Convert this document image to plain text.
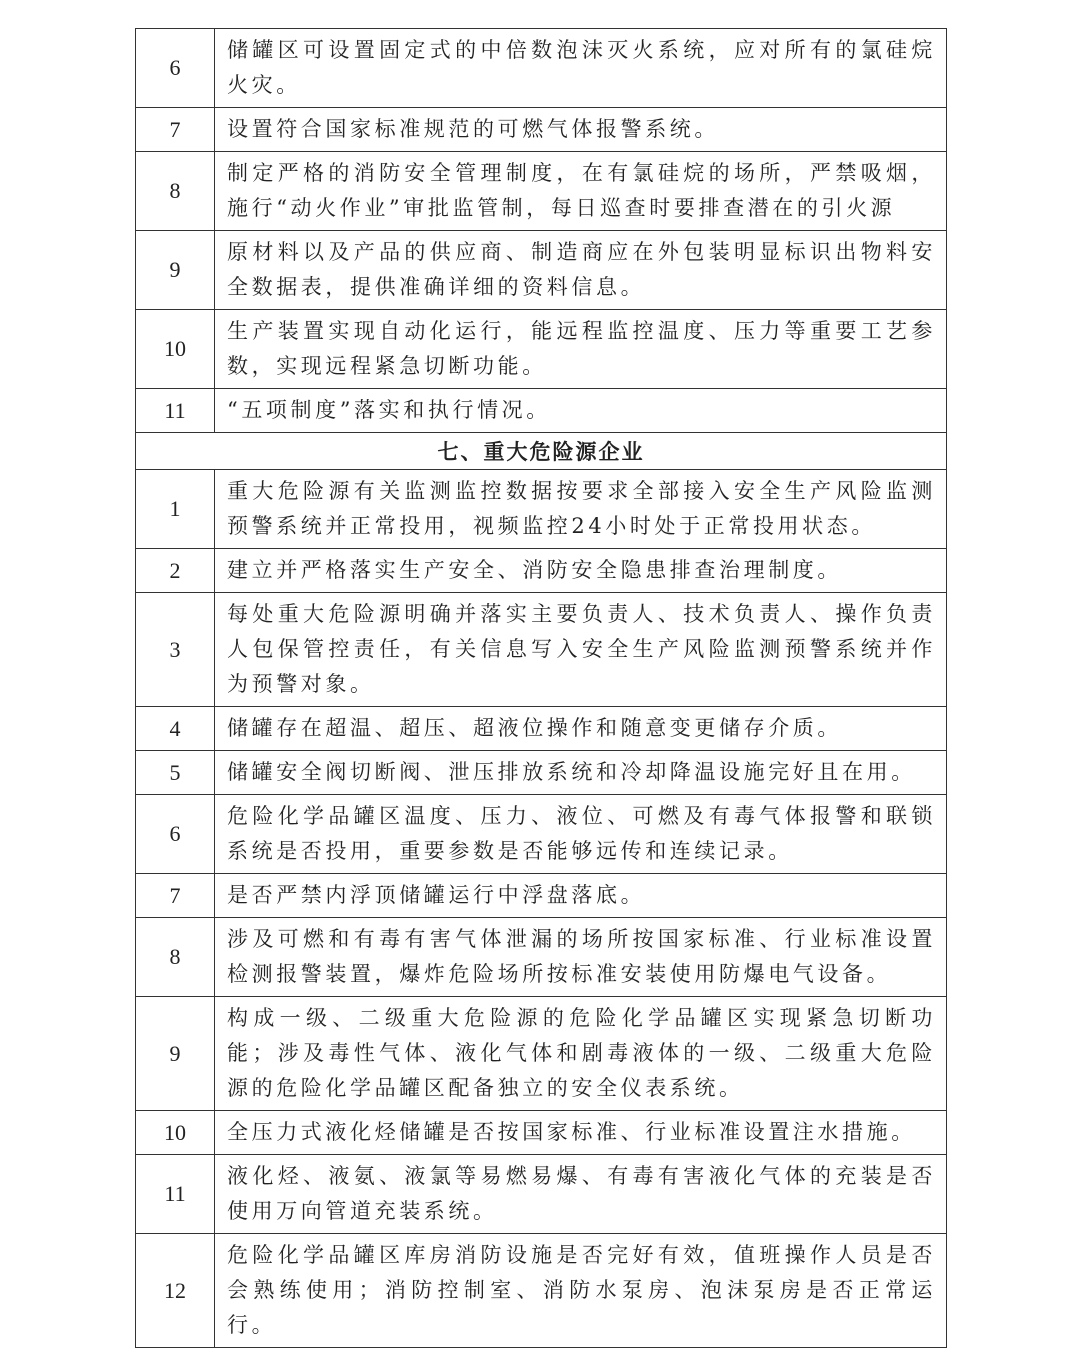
6	储罐区可设置固定式的中倍数泡沫灭火系统，应对所有的氯硅烷火灾。
7	设置符合国家标准规范的可燃气体报警系统。
8	制定严格的消防安全管理制度，在有氯硅烷的场所，严禁吸烟，施行“动火作业”审批监管制，每日巡查时要排查潜在的引火源
9	原材料以及产品的供应商、制造商应在外包装明显标识出物料安全数据表，提供准确详细的资料信息。
10	生产装置实现自动化运行，能远程监控温度、压力等重要工艺参数，实现远程紧急切断功能。
11	“五项制度”落实和执行情况。
七、重大危险源企业	
1	重大危险源有关监测监控数据按要求全部接入安全生产风险监测预警系统并正常投用，视频监控24小时处于正常投用状态。
2	建立并严格落实生产安全、消防安全隐患排查治理制度。
3	每处重大危险源明确并落实主要负责人、技术负责人、操作负责人包保管控责任，有关信息写入安全生产风险监测预警系统并作为预警对象。
4	储罐存在超温、超压、超液位操作和随意变更储存介质。
5	储罐安全阀切断阀、泄压排放系统和冷却降温设施完好且在用。
6	危险化学品罐区温度、压力、液位、可燃及有毒气体报警和联锁系统是否投用，重要参数是否能够远传和连续记录。
7	是否严禁内浮顶储罐运行中浮盘落底。
8	涉及可燃和有毒有害气体泄漏的场所按国家标准、行业标准设置检测报警装置，爆炸危险场所按标准安装使用防爆电气设备。
9	构成一级、二级重大危险源的危险化学品罐区实现紧急切断功能；涉及毒性气体、液化气体和剧毒液体的一级、二级重大危险源的危险化学品罐区配备独立的安全仪表系统。
10	全压力式液化烃储罐是否按国家标准、行业标准设置注水措施。
11	液化烃、液氨、液氯等易燃易爆、有毒有害液化气体的充装是否使用万向管道充装系统。
12	危险化学品罐区库房消防设施是否完好有效，值班操作人员是否会熟练使用；消防控制室、消防水泵房、泡沫泵房是否正常运行。
